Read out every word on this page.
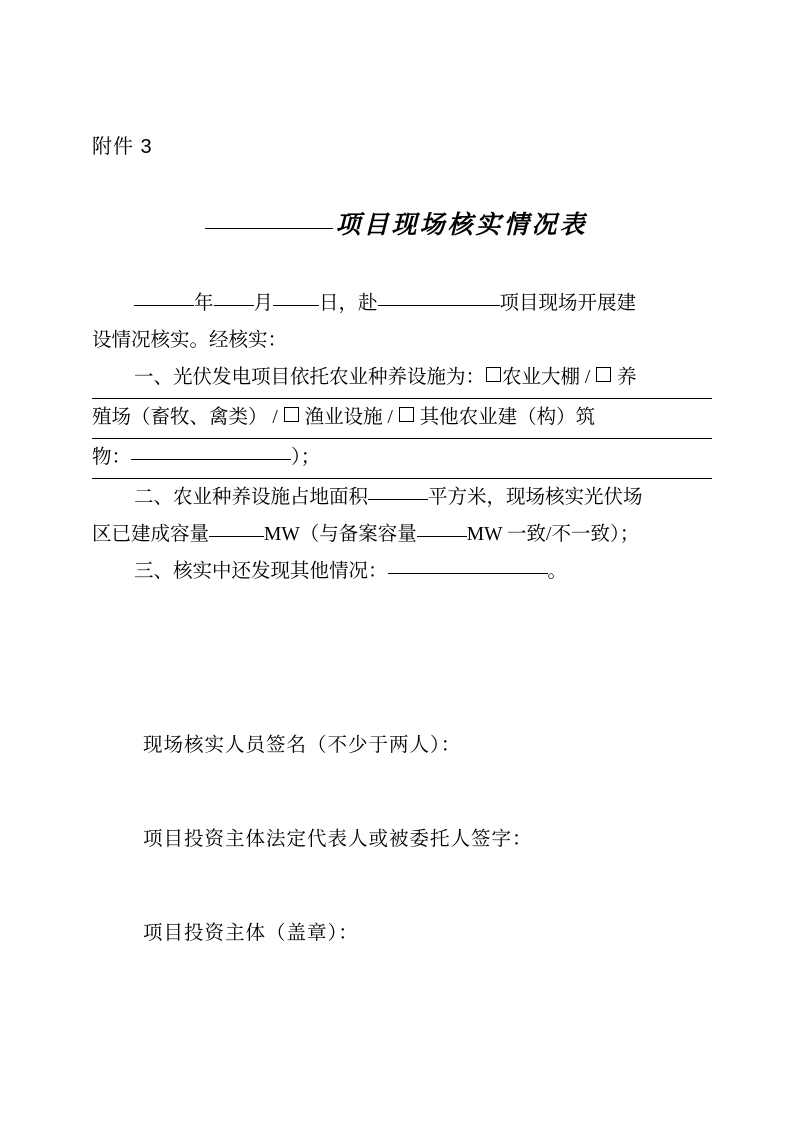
附件 3
项目现场核实情况表

年 月 日，赴	项目现场开展建

设情况核实。经核实：

一、光伏发电项目依托农业种养设施为： 农业大棚 / 养

殖场（畜牧、禽类） / 渔业设施 / 其他农业建（构）筑

物：	）；

二、农业种养设施占地面积	平方米，现场核实光伏场

区已建成容量	MW（与备案容量	MW 一致/不一致）；

三、核实中还发现其他情况：	。

现场核实人员签名（不少于两人）：

项目投资主体法定代表人或被委托人签字：

项目投资主体（盖章）：
